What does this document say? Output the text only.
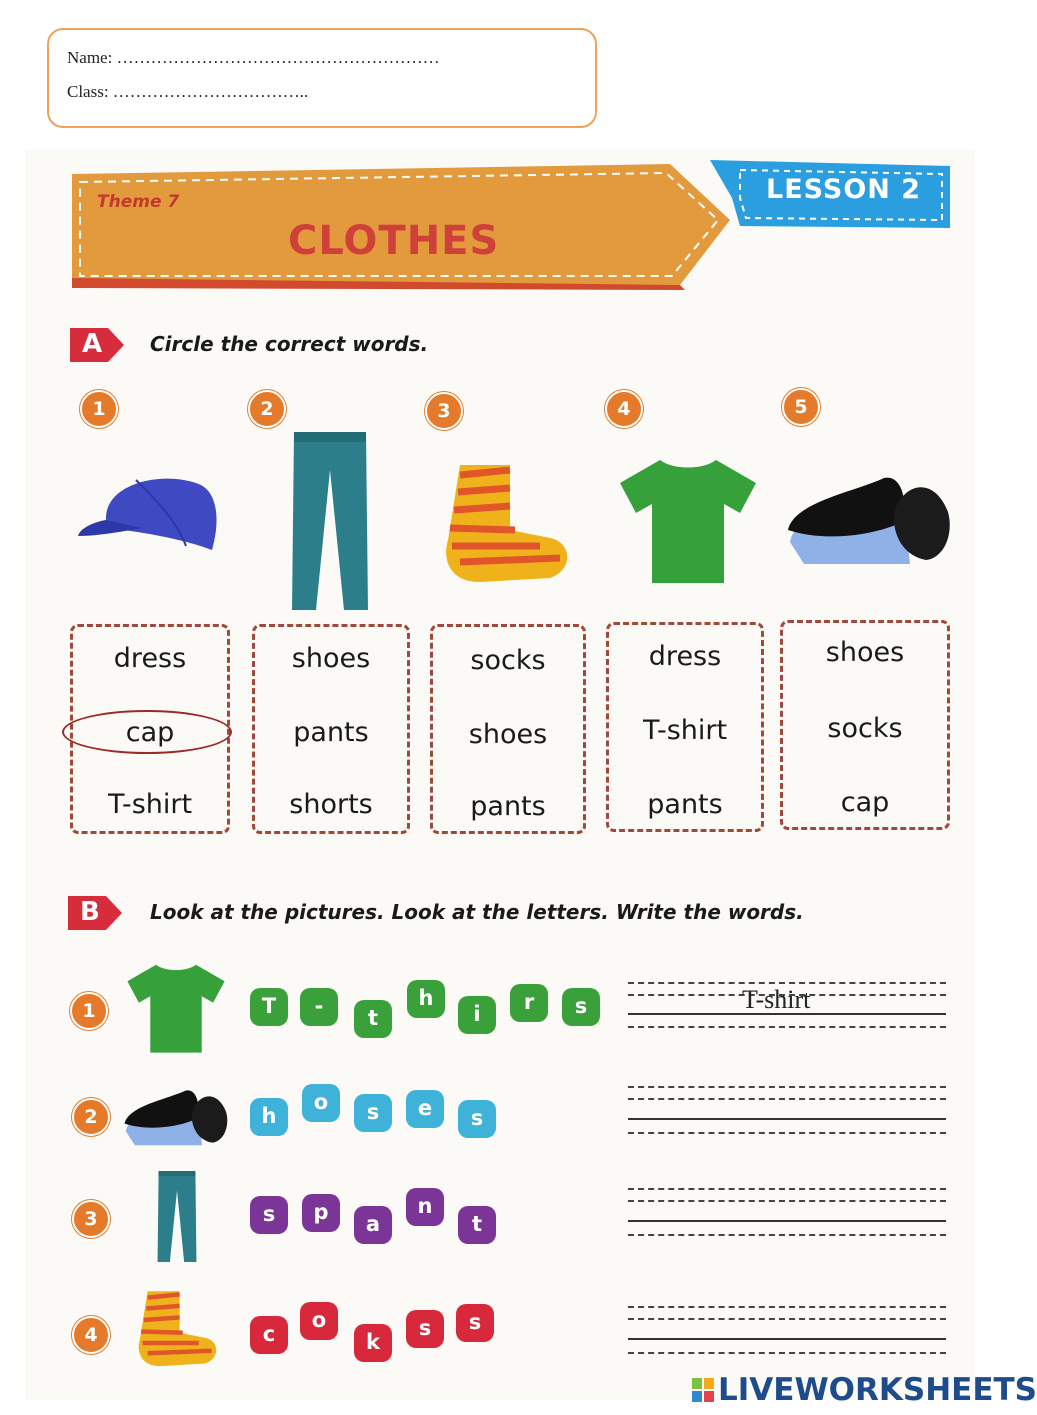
Name: …………………………………………………
Class: ……………………………..
Theme 7
CLOTHES
LESSON 2
A Circle the correct words.
1	2	3	4	5
dress
cap
T-shirt
shoes
pants
shorts
socks
shoes
pants
dress
T-shirt
pants
shoes
socks
cap
B	Look at the pictures. Look at the letters. Write the words.
1
2
3
4
T	-	t
h
i	r	s
h
o	s	e	s
s	p	a
n
t
c
o
k
s	s
T-shirt
LIVEWORKSHEETS
